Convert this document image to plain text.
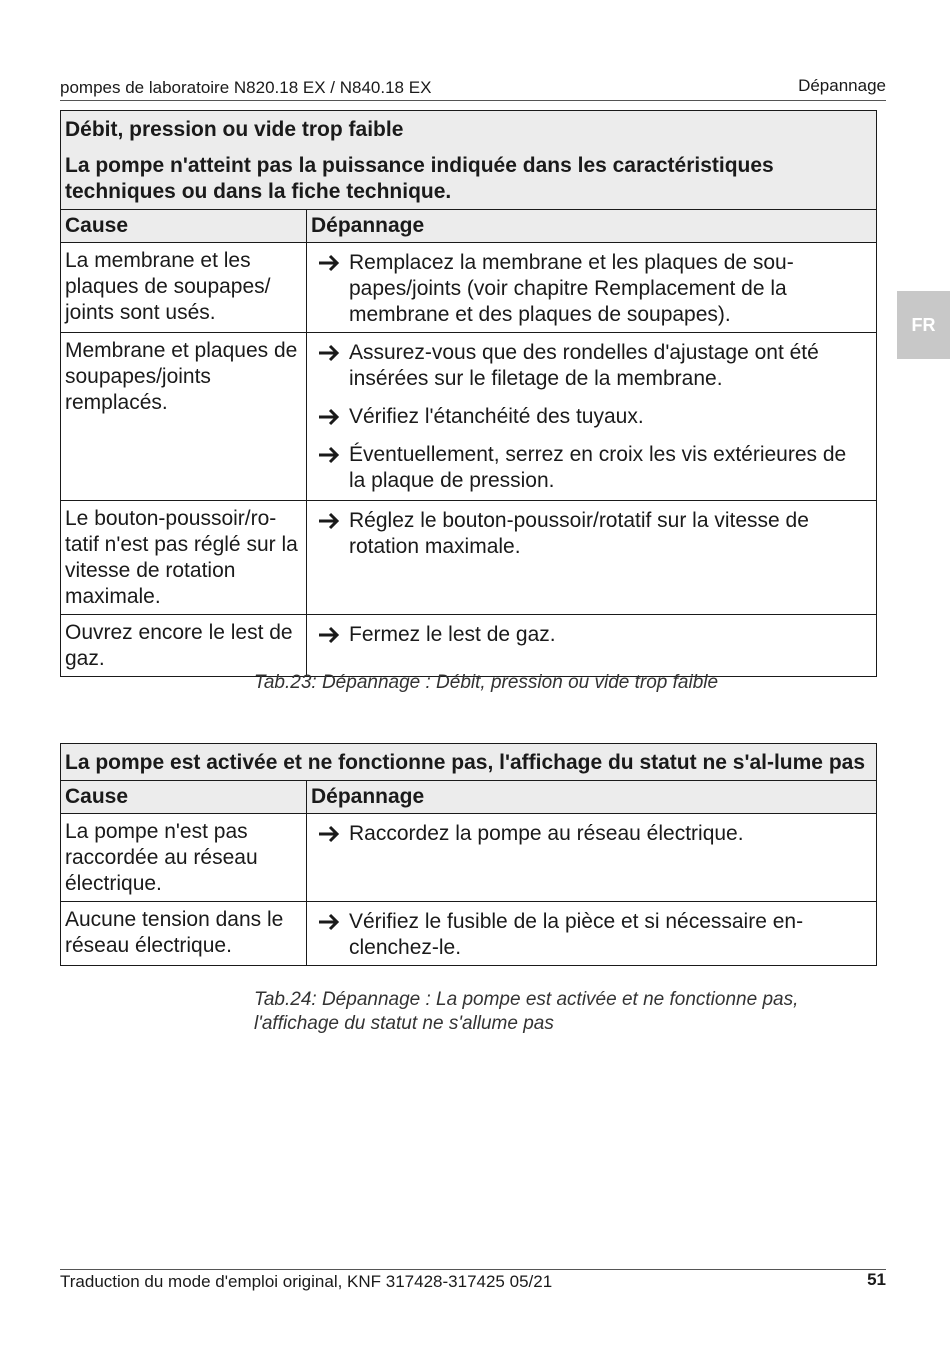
pompes de laboratoire N820.18 EX / N840.18 EX	Dépannage
FR
Débit, pression ou vide trop faible
La pompe n'atteint pas la puissance indiquée dans les caractéristiques techniques ou dans la fiche technique.	

Cause	Dépannage
La membrane et les plaques de soupapes/ joints sont usés.	Remplacez la membrane et les plaques de sou-papes/joints (voir chapitre Remplacement de la membrane et des plaques de soupapes).

Membrane et plaques de soupapes/joints remplacés.	Assurez-vous que des rondelles d'ajustage ont été insérées sur le filetage de la membrane.
Vérifiez l'étanchéité des tuyaux.
Éventuellement, serrez en croix les vis extérieures de la plaque de pression.

Le bouton-poussoir/ro-tatif n'est pas réglé sur la vitesse de rotation maximale.	Réglez le bouton-poussoir/rotatif sur la vitesse de rotation maximale.

Ouvrez encore le lest de gaz.	Fermez le lest de gaz.
Tab.23: Dépannage : Débit, pression ou vide trop faible
La pompe est activée et ne fonctionne pas, l'affichage du statut ne s'al-lume pas	

Cause	Dépannage
La pompe n'est pas raccordée au réseau électrique.	Raccordez la pompe au réseau électrique.

Aucune tension dans le réseau électrique.	Vérifiez le fusible de la pièce et si nécessaire en-clenchez-le.
Tab.24: Dépannage : La pompe est activée et ne fonctionne pas,
l'affichage du statut ne s'allume pas
Traduction du mode d'emploi original, KNF 317428-317425 05/21	51
